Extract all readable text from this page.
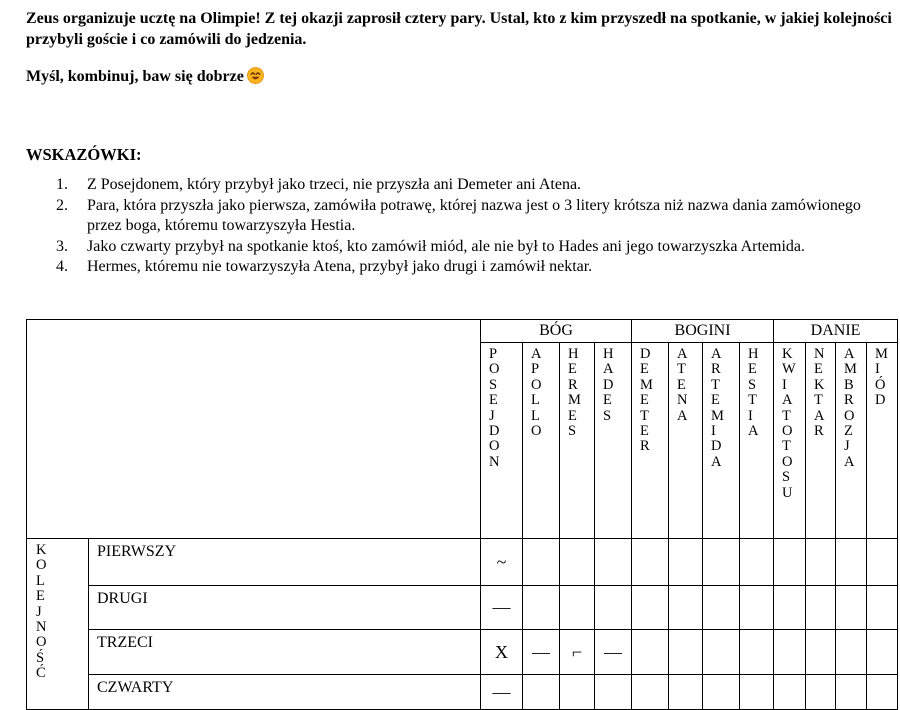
Zeus organizuje ucztę na Olimpie! Z tej okazji zaprosił cztery pary. Ustal, kto z kim przyszedł na spotkanie, w jakiej kolejności przybyli goście i co zamówili do jedzenia.

Myśl, kombinuj, baw się dobrze

WSKAZÓWKI:

1. Z Posejdonem, który przybył jako trzeci, nie przyszła ani Demeter ani Atena.
2. Para, która przyszła jako pierwsza, zamówiła potrawę, której nazwa jest o 3 litery krótsza niż nazwa dania zamówionego przez boga, któremu towarzyszyła Hestia.
3. Jako czwarty przybył na spotkanie ktoś, kto zamówił miód, ale nie był to Hades ani jego towarzyszka Artemida.
4. Hermes, któremu nie towarzyszyła Atena, przybył jako drugi i zamówił nektar.
		BÓG				BOGINI				DANIE			

		POSEJDON	APOLLO	HERMES	HADES	DEMETER	ATENA	ARTEMIDA	HESTIA	KWIATOTOSU	NEKTAR	AMBROZJA	MIÓD

KOLEJNOŚĆ	PIERWSZY	~											
	DRUGI	—											
	TRZECI	X	—	⌐	—								
	CZWARTY	—											
